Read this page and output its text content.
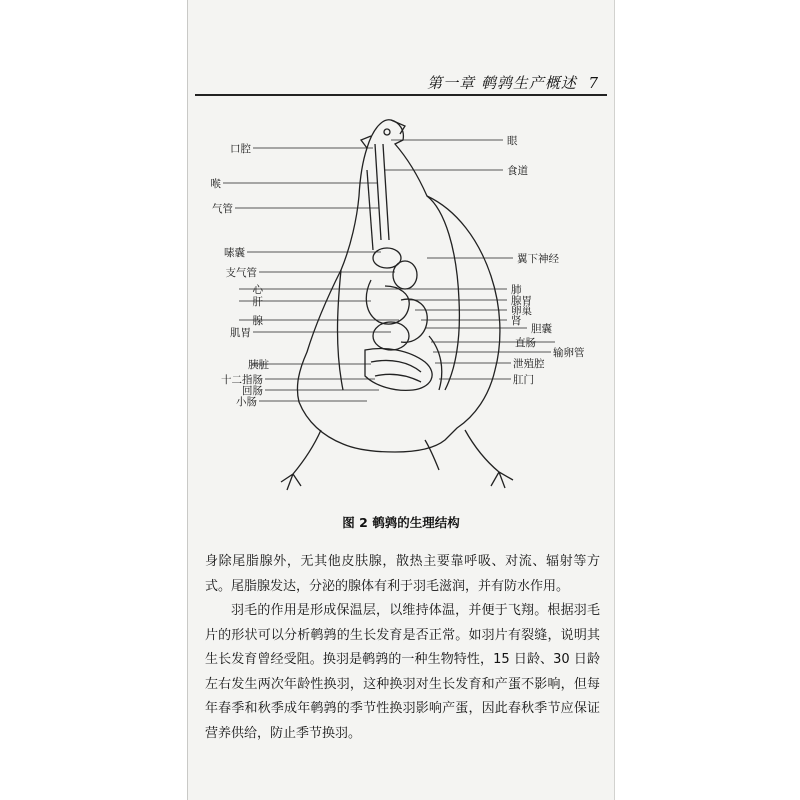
第一章 鹌鹑生产概述 7
口腔
喉
气管
嗉囊
支气管
心
肝
腺
肌胃
胰脏
十二指肠
回肠
小肠
眼
食道
翼下神经
肺
腺胃
卵巢
肾
胆囊
直肠
输卵管
泄殖腔
肛门
图 2 鹌鹑的生理结构

身除尾脂腺外，无其他皮肤腺，散热主要靠呼吸、对流、辐射等方式。尾脂腺发达，分泌的腺体有利于羽毛滋润，并有防水作用。

羽毛的作用是形成保温层，以维持体温，并便于飞翔。根据羽毛片的形状可以分析鹌鹑的生长发育是否正常。如羽片有裂缝，说明其生长发育曾经受阻。换羽是鹌鹑的一种生物特性，15 日龄、30 日龄左右发生两次年龄性换羽，这种换羽对生长发育和产蛋不影响，但每年春季和秋季成年鹌鹑的季节性换羽影响产蛋，因此春秋季节应保证营养供给，防止季节换羽。
